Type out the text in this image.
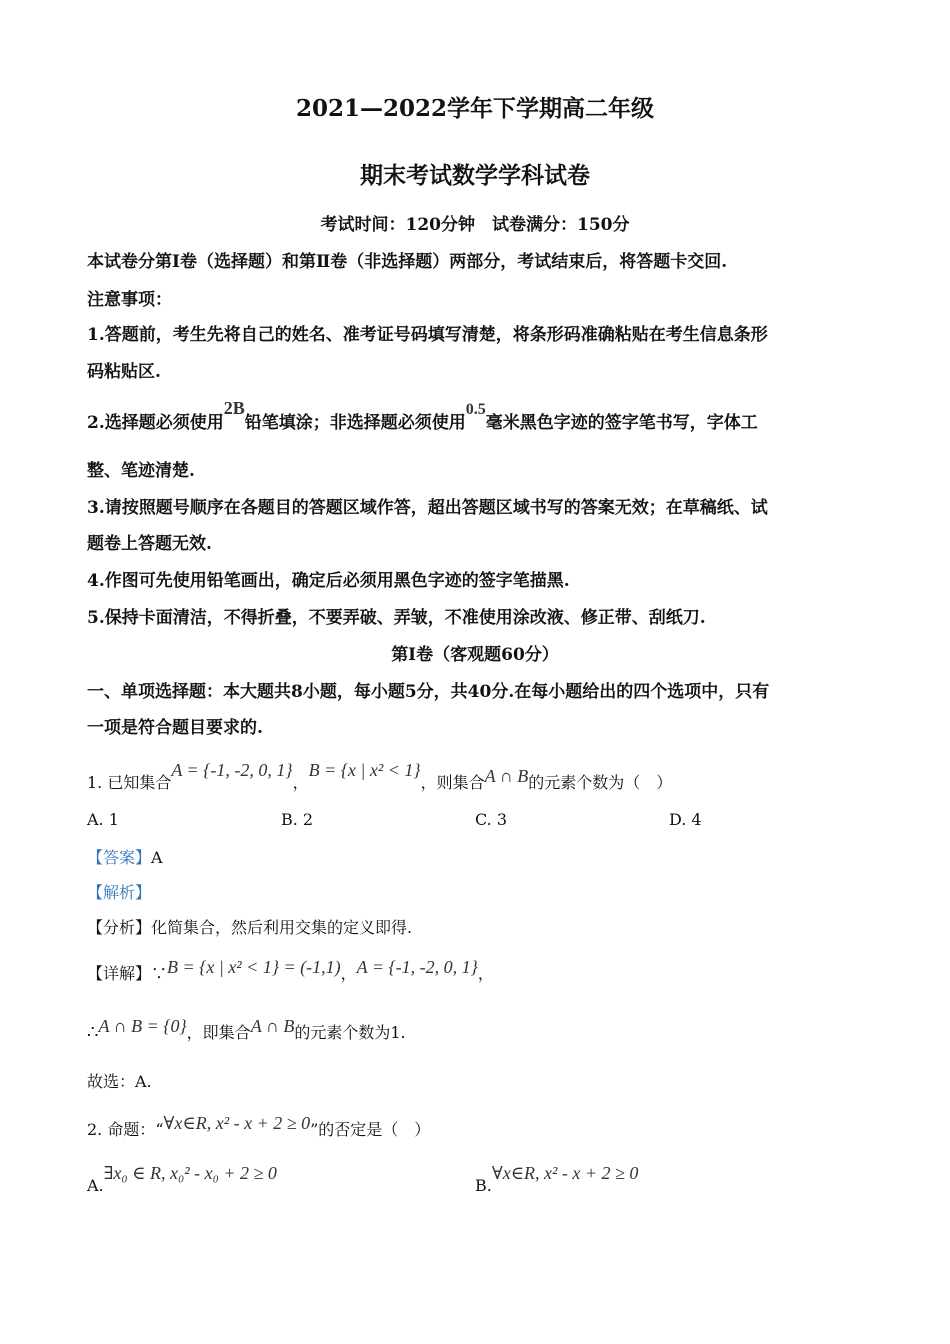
2021—2022学年下学期高二年级
期末考试数学学科试卷
考试时间：120分钟　试卷满分：150分
本试卷分第Ⅰ卷（选择题）和第Ⅱ卷（非选择题）两部分，考试结束后，将答题卡交回.
注意事项：
1.答题前，考生先将自己的姓名、准考证号码填写清楚，将条形码准确粘贴在考生信息条形
码粘贴区.
2.选择题必须使用2B铅笔填涂；非选择题必须使用0.5毫米黑色字迹的签字笔书写，字体工
整、笔迹清楚.
3.请按照题号顺序在各题目的答题区域作答，超出答题区域书写的答案无效；在草稿纸、试
题卷上答题无效.
4.作图可先使用铅笔画出，确定后必须用黑色字迹的签字笔描黑.
5.保持卡面清洁，不得折叠，不要弄破、弄皱，不准使用涂改液、修正带、刮纸刀.
第Ⅰ卷（客观题60分）
一、单项选择题：本大题共8小题，每小题5分，共40分.在每小题给出的四个选项中，只有
一项是符合题目要求的.
1. 已知集合A = {-1, -2, 0, 1}，B = {x | x² < 1}，则集合A ∩ B的元素个数为（　）
A. 1	B. 2	C. 3	D. 4
【答案】A
【解析】
【分析】化简集合，然后利用交集的定义即得.
【详解】∵B = {x | x² < 1} = (-1,1)，A = {-1, -2, 0, 1}，
∴A ∩ B = {0}，即集合A ∩ B的元素个数为1.
故选：A.
2. 命题：“∀x∈R, x² - x + 2 ≥ 0”的否定是（　）
A.∃x₀ ∈ R, x₀² - x₀ + 2 ≥ 0
B.∀x∈R, x² - x + 2 ≥ 0
